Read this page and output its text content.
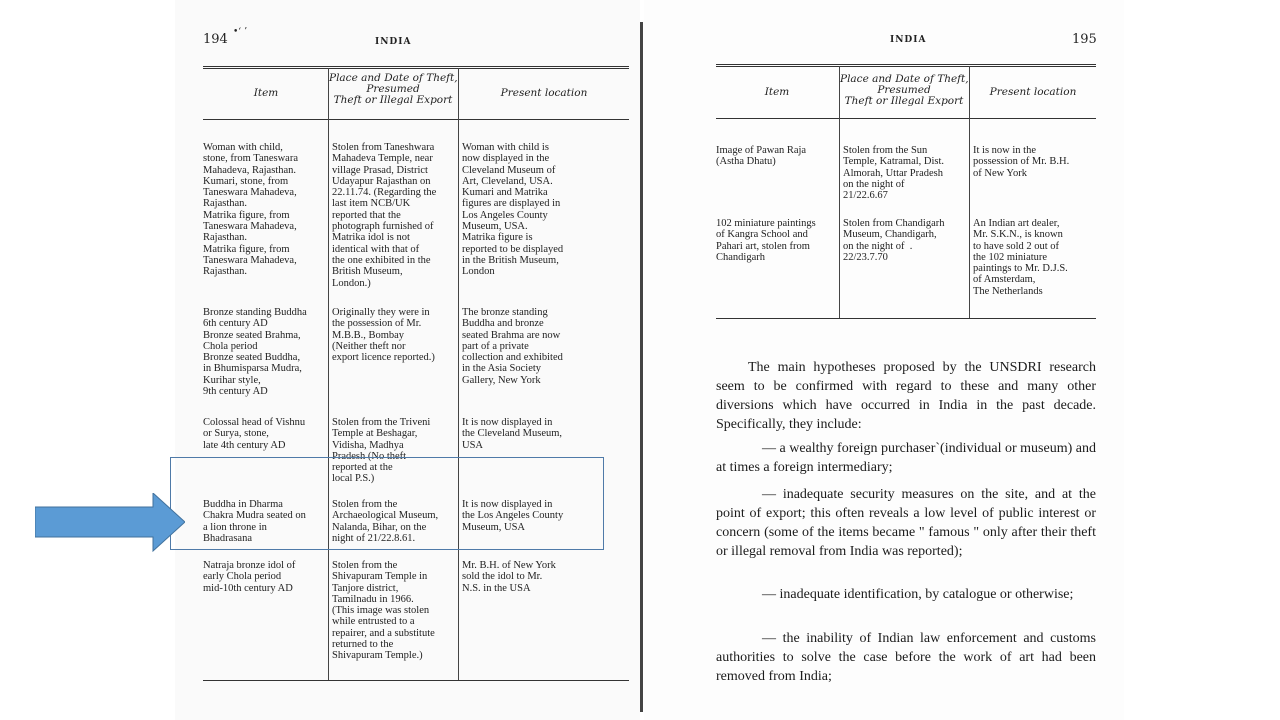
194 •ʻ ʼ
INDIA
Item
Place and Date of Theft,
Presumed
Theft or Illegal Export
Present location
Woman with child,
stone, from Taneswara
Mahadeva, Rajasthan.
Kumari, stone, from
Taneswara Mahadeva,
Rajasthan.
Matrika figure, from
Taneswara Mahadeva,
Rajasthan.
Matrika figure, from
Taneswara Mahadeva,
Rajasthan.
Stolen from Taneshwara
Mahadeva Temple, near
village Prasad, District
Udayapur Rajasthan on
22.11.74. (Regarding the
last item NCB/UK
reported that the
photograph furnished of
Matrika idol is not
identical with that of
the one exhibited in the
British Museum,
London.)
Woman with child is
now displayed in the
Cleveland Museum of
Art, Cleveland, USA.
Kumari and Matrika
figures are displayed in
Los Angeles County
Museum, USA.
Matrika figure is
reported to be displayed
in the British Museum,
London
Bronze standing Buddha
6th century AD
Bronze seated Brahma,
Chola period
Bronze seated Buddha,
in Bhumisparsa Mudra,
Kurihar style,
9th century AD
Originally they were in
the possession of Mr.
M.B.B., Bombay
(Neither theft nor
export licence reported.)
The bronze standing
Buddha and bronze
seated Brahma are now
part of a private
collection and exhibited
in the Asia Society
Gallery, New York
Colossal head of Vishnu
or Surya, stone,
late 4th century AD
Stolen from the Triveni
Temple at Beshagar,
Vidisha, Madhya
Pradesh (No theft
reported at the
local P.S.)
It is now displayed in
the Cleveland Museum,
USA
Buddha in Dharma
Chakra Mudra seated on
a lion throne in
Bhadrasana
Stolen from the
Archaeological Museum,
Nalanda, Bihar, on the
night of 21/22.8.61.
It is now displayed in
the Los Angeles County
Museum, USA
Natraja bronze idol of
early Chola period
mid-10th century AD
Stolen from the
Shivapuram Temple in
Tanjore district,
Tamilnadu in 1966.
(This image was stolen
while entrusted to a
repairer, and a substitute
returned to the
Shivapuram Temple.)
Mr. B.H. of New York
sold the idol to Mr.
N.S. in the USA
INDIA	195
Item
Place and Date of Theft,
Presumed
Theft or Illegal Export
Present location
Image of Pawan Raja
(Astha Dhatu)
Stolen from the Sun
Temple, Katramal, Dist.
Almorah, Uttar Pradesh
on the night of
21/22.6.67
It is now in the
possession of Mr. B.H.
of New York
102 miniature paintings
of Kangra School and
Pahari art, stolen from
Chandigarh
Stolen from Chandigarh
Museum, Chandigarh,
on the night of  .
22/23.7.70
An Indian art dealer,
Mr. S.K.N., is known
to have sold 2 out of
the 102 miniature
paintings to Mr. D.J.S.
of Amsterdam,
The Netherlands
The main hypotheses proposed by the UNSDRI research seem to be confirmed with regard to these and many other diversions which have occurred in India in the past decade. Specifically, they include:
— a wealthy foreign purchaser`(individual or museum) and at times a foreign intermediary;
— inadequate security measures on the site, and at the point of export; this often reveals a low level of public interest or concern (some of the items became " famous " only after their theft or illegal removal from India was reported);
— inadequate identification, by catalogue or otherwise;
— the inability of Indian law enforcement and customs authorities to solve the case before the work of art had been removed from India;
